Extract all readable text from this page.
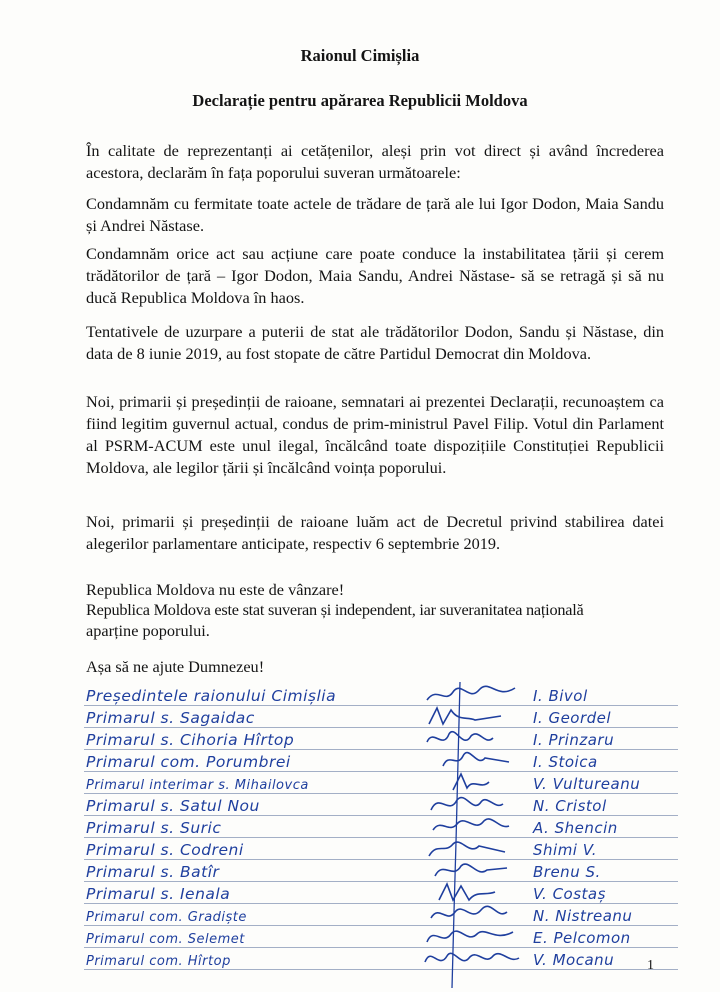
Raionul Cimișlia
Declarație pentru apărarea Republicii Moldova

În calitate de reprezentanți ai cetățenilor, aleși prin vot direct și având încrederea acestora, declarăm în fața poporului suveran următoarele:

Condamnăm cu fermitate toate actele de trădare de țară ale lui Igor Dodon, Maia Sandu și Andrei Năstase.

Condamnăm orice act sau acțiune care poate conduce la instabilitatea țării și cerem trădătorilor de țară – Igor Dodon, Maia Sandu, Andrei Năstase- să se retragă și să nu ducă Republica Moldova în haos.

Tentativele de uzurpare a puterii de stat ale trădătorilor Dodon, Sandu și Năstase, din data de 8 iunie 2019, au fost stopate de către Partidul Democrat din Moldova.

Noi, primarii și președinții de raioane, semnatari ai prezentei Declarații, recunoaștem ca fiind legitim guvernul actual, condus de prim-ministrul Pavel Filip. Votul din Parlament al PSRM-ACUM este unul ilegal, încălcând toate dispozițiile Constituției Republicii Moldova, ale legilor țării și încălcând voința poporului.

Noi, primarii și președinții de raioane luăm act de Decretul privind stabilirea datei alegerilor parlamentare anticipate, respectiv 6 septembrie 2019.

Republica Moldova nu este de vânzare!
Republica Moldova este stat suveran și independent, iar suveranitatea națională
aparține poporului.
Așa să ne ajute Dumnezeu!
Președintele raionului Cimișlia	I. Bivol
Primarul s. Sagaidac	I. Geordel
Primarul s. Cihoria Hîrtop	I. Prinzaru
Primarul com. Porumbrei	I. Stoica
Primarul interimar s. Mihailovca	V. Vultureanu
Primarul s. Satul Nou	N. Cristol
Primarul s. Suric	A. Shencin
Primarul s. Codreni	Shimi V.
Primarul s. Batîr	Brenu S.
Primarul s. Ienala	V. Costaș
Primarul com. Gradiște	N. Nistreanu
Primarul com. Selemet	E. Pelcomon
Primarul com. Hîrtop	V. Mocanu 1
